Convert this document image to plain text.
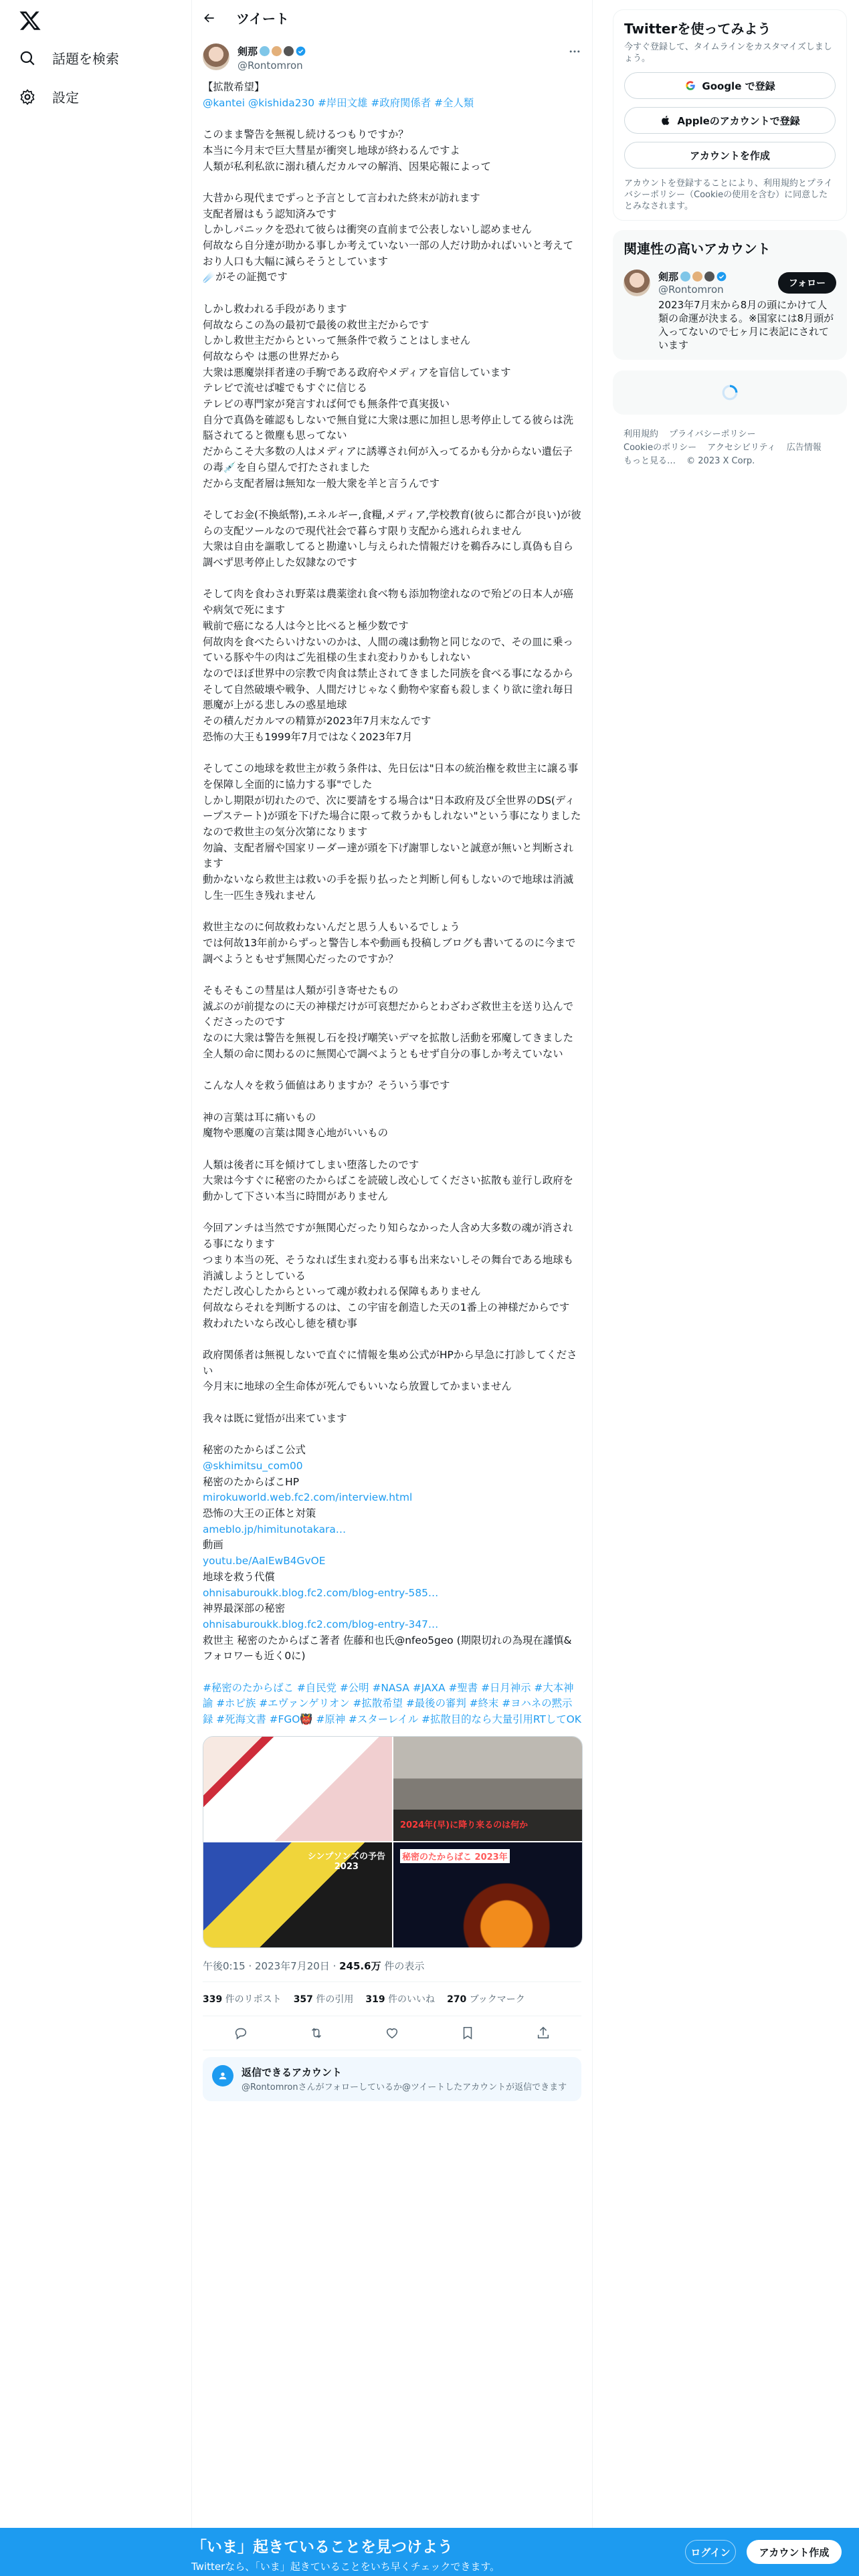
話題を検索
設定
ツイート
剣那
@Rontomron
【拡散希望】
@kantei @kishida230 #岸田文雄 #政府関係者 #全人類
このまま警告を無視し続けるつもりですか？
本当に今月末で巨大彗星が衝突し地球が終わるんですよ
人類が私利私欲に溺れ積んだカルマの解消、因果応報によって
大昔から現代までずっと予言として言われた終末が訪れます
支配者層はもう認知済みです
しかしパニックを恐れて彼らは衝突の直前まで公表しないし認めません
何故なら自分達が助かる事しか考えていない一部の人だけ助かればいいと考えており人口も大幅に減らそうとしています
☄️がその証拠です
しかし救われる手段があります
何故ならこの為の最初で最後の救世主だからです
しかし救世主だからといって無条件で救うことはしません
何故ならや は悪の世界だから
大衆は悪魔崇拝者達の手駒である政府やメディアを盲信しています
テレビで流せば嘘でもすぐに信じる
テレビの専門家が発言すれば何でも無条件で真実扱い
自分で真偽を確認もしないで無自覚に大衆は悪に加担し思考停止してる彼らは洗脳されてると微塵も思ってない
だからこそ大多数の人はメディアに誘導され何が入ってるかも分からない遺伝子の毒💉を自ら望んで打たされました
だから支配者層は無知な一般大衆を羊と言うんです
そしてお金(不換紙幣),エネルギー,食糧,メディア,学校教育(彼らに都合が良い)が彼らの支配ツールなので現代社会で暮らす限り支配から逃れられません
大衆は自由を謳歌してると勘違いし与えられた情報だけを鵜呑みにし真偽も自ら調べず思考停止した奴隷なのです
そして肉を食わされ野菜は農薬塗れ食べ物も添加物塗れなので殆どの日本人が癌や病気で死にます
戦前で癌になる人は今と比べると極少数です
何故肉を食べたらいけないのかは、人間の魂は動物と同じなので、その皿に乗っている豚や牛の肉はご先祖様の生まれ変わりかもしれない
なのでほぼ世界中の宗教で肉食は禁止されてきました同族を食べる事になるから
そして自然破壊や戦争、人間だけじゃなく動物や家畜も殺しまくり欲に塗れ毎日悪魔が上がる悲しみの惑星地球
その積んだカルマの精算が2023年7月末なんです
恐怖の大王も1999年7月ではなく2023年7月
そしてこの地球を救世主が救う条件は、先日伝は"日本の統治権を救世主に譲る事を保障し全面的に協力する事"でした
しかし期限が切れたので、次に要請をする場合は"日本政府及び全世界のDS(ディープステート)が頭を下げた場合に限って救うかもしれない"という事になりました
なので救世主の気分次第になります
勿論、支配者層や国家リーダー達が頭を下げ謝罪しないと誠意が無いと判断されます
動かないなら救世主は救いの手を振り払ったと判断し何もしないので地球は消滅し生一匹生き残れません
救世主なのに何故救わないんだと思う人もいるでしょう
では何故13年前からずっと警告し本や動画も投稿しブログも書いてるのに今まで調べようともせず無関心だったのですか？
そもそもこの彗星は人類が引き寄せたもの
滅ぶのが前提なのに天の神様だけが可哀想だからとわざわざ救世主を送り込んでくださったのです
なのに大衆は警告を無視し石を投げ嘲笑いデマを拡散し活動を邪魔してきました
全人類の命に関わるのに無関心で調べようともせず自分の事しか考えていない
こんな人々を救う価値はありますか？そういう事です
神の言葉は耳に痛いもの
魔物や悪魔の言葉は聞き心地がいいもの
人類は後者に耳を傾けてしまい堕落したのです
大衆は今すぐに秘密のたからばこを読破し改心してください拡散も並行し政府を動かして下さい本当に時間がありません
今回アンチは当然ですが無関心だったり知らなかった人含め大多数の魂が消される事になります
つまり本当の死、そうなれば生まれ変わる事も出来ないしその舞台である地球も消滅しようとしている
ただし改心したからといって魂が救われる保障もありません
何故ならそれを判断するのは、この宇宙を創造した天の1番上の神様だからです
救われたいなら改心し徳を積む事
政府関係者は無視しないで直ぐに情報を集め公式がHPから早急に打診してください
今月末に地球の全生命体が死んでもいいなら放置してかまいません
我々は既に覚悟が出来ています
秘密のたからばこ公式
@skhimitsu_com00
秘密のたからばこHP
mirokuworld.web.fc2.com/interview.html
恐怖の大王の正体と対策
ameblo.jp/himitunotakara…
動画
youtu.be/AaIEwB4GvOE
地球を救う代償
ohnisaburoukk.blog.fc2.com/blog-entry-585…
神界最深部の秘密
ohnisaburoukk.blog.fc2.com/blog-entry-347…
救世主 秘密のたからばこ著者 佐藤和也氏@nfeo5geo (期限切れの為現在謹慎&フォロワーも近く0に)
#秘密のたからばこ #自民党 #公明 #NASA #JAXA #聖書 #日月神示 #大本神諭 #ホピ族 #エヴァンゲリオン #拡散希望 #最後の審判 #終末 #ヨハネの黙示録 #死海文書 #FGO👹 #原神 #スターレイル #拡散目的なら大量引用RTしてOK
2024年(早)に降り来るのは何か
シンプソンズの予告
2023
秘密のたからばこ 2023年
午後0:15 · 2023年7月20日 · 245.6万 件の表示
339 件のリポスト 357 件の引用 319 件のいいね 270 ブックマーク
返信できるアカウント
@Rontomronさんがフォローしているか@ツイートしたアカウントが返信できます
Twitterを使ってみよう
今すぐ登録して、タイムラインをカスタマイズしましょう。
Google で登録
Appleのアカウントで登録
アカウントを作成
アカウントを登録することにより、利用規約とプライバシーポリシー（Cookieの使用を含む）に同意したとみなされます。
関連性の高いアカウント
剣那
@Rontomron
フォロー
2023年7月末から8月の頭にかけて人類の命運が決まる。※国家には8月頭が入ってないので七ヶ月に表記にされています
利用規約 プライバシーポリシー Cookieのポリシー アクセシビリティ 広告情報 もっと見る… © 2023 X Corp.
「いま」起きていることを見つけよう
Twitterなら、「いま」起きていることをいち早くチェックできます。
ログイン	アカウント作成
